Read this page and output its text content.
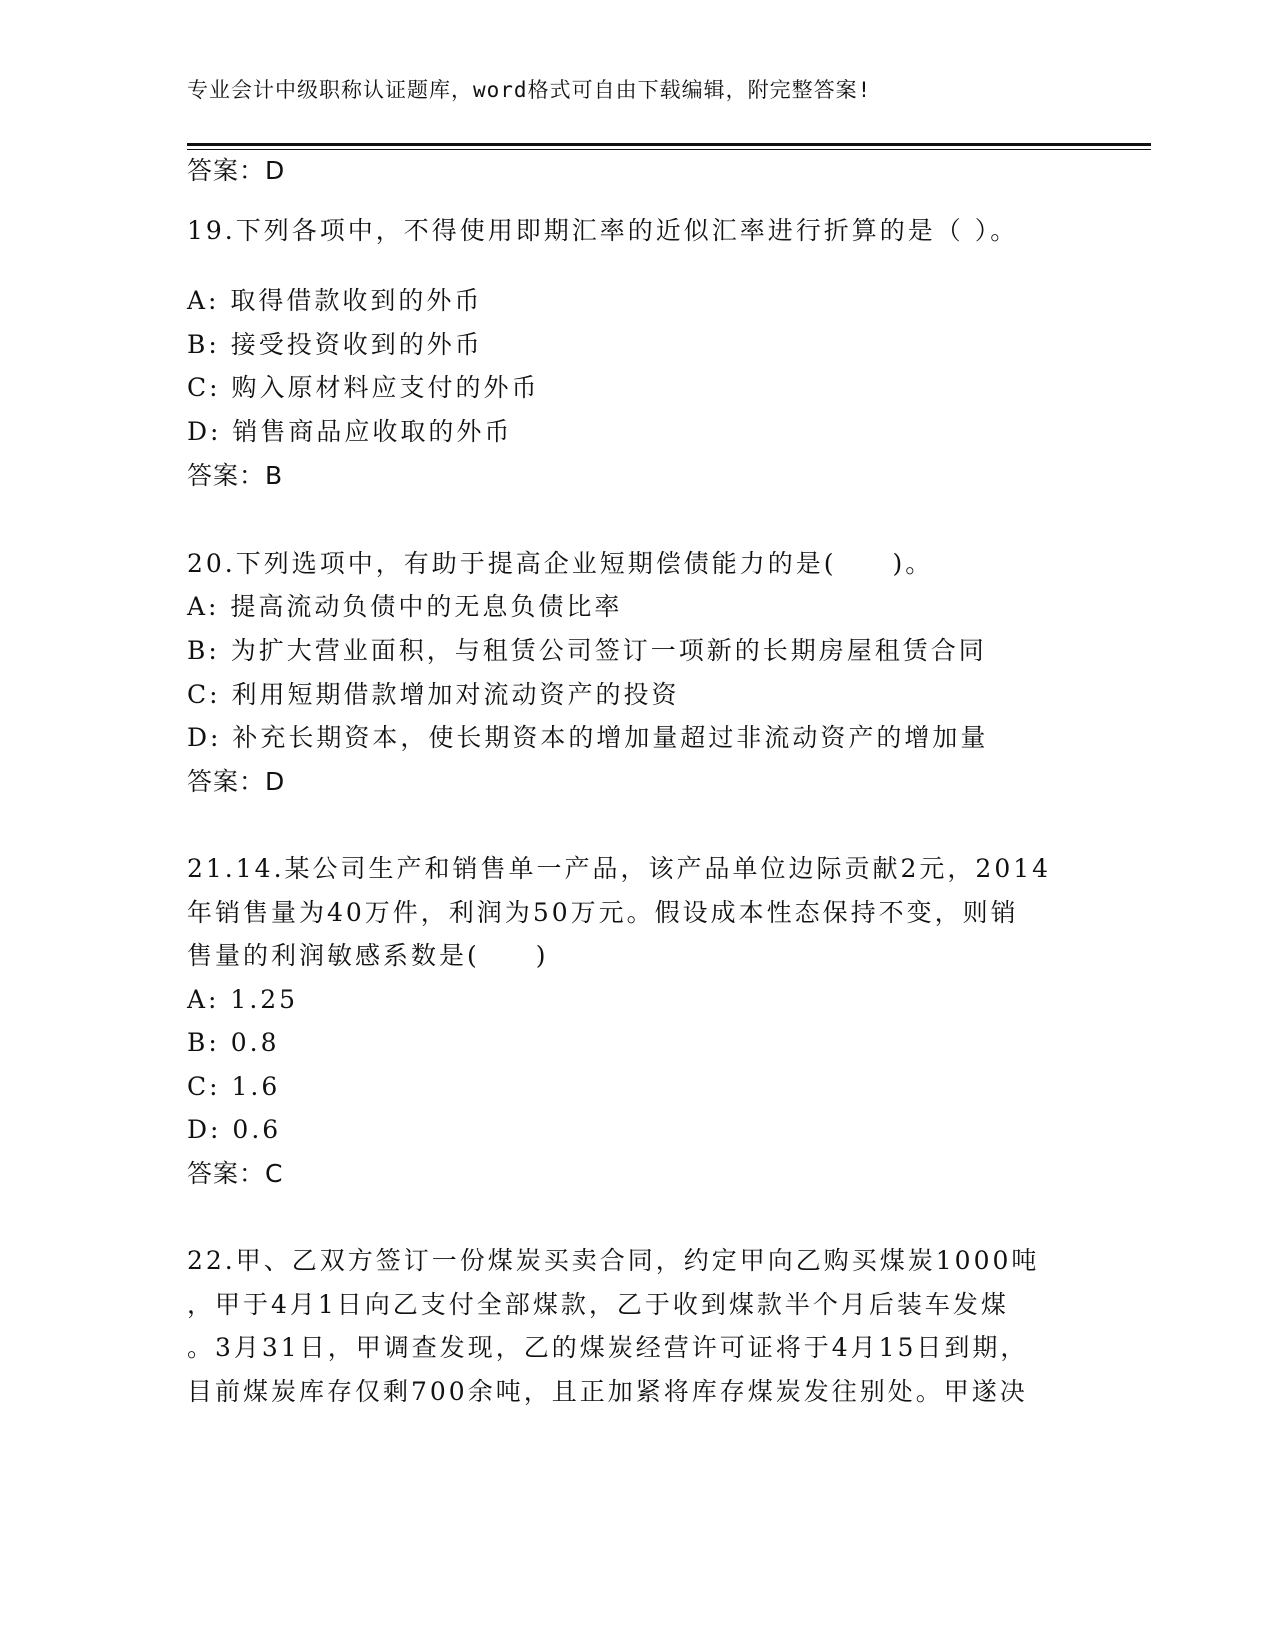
专业会计中级职称认证题库，word格式可自由下载编辑，附完整答案!
答案：D
19.下列各项中，不得使用即期汇率的近似汇率进行折算的是（ ）。
A: 取得借款收到的外币
B: 接受投资收到的外币
C: 购入原材料应支付的外币
D: 销售商品应收取的外币
答案：B
20.下列选项中，有助于提高企业短期偿债能力的是(　　)。
A: 提高流动负债中的无息负债比率
B: 为扩大营业面积，与租赁公司签订一项新的长期房屋租赁合同
C: 利用短期借款增加对流动资产的投资
D: 补充长期资本，使长期资本的增加量超过非流动资产的增加量
答案：D
21.14.某公司生产和销售单一产品，该产品单位边际贡献2元，2014
年销售量为40万件，利润为50万元。假设成本性态保持不变，则销
售量的利润敏感系数是(　　)
A: 1.25
B: 0.8
C: 1.6
D: 0.6
答案：C
22.甲、乙双方签订一份煤炭买卖合同，约定甲向乙购买煤炭1000吨
，甲于4月1日向乙支付全部煤款，乙于收到煤款半个月后装车发煤
。3月31日，甲调查发现，乙的煤炭经营许可证将于4月15日到期，
目前煤炭库存仅剩700余吨，且正加紧将库存煤炭发往别处。甲遂决
